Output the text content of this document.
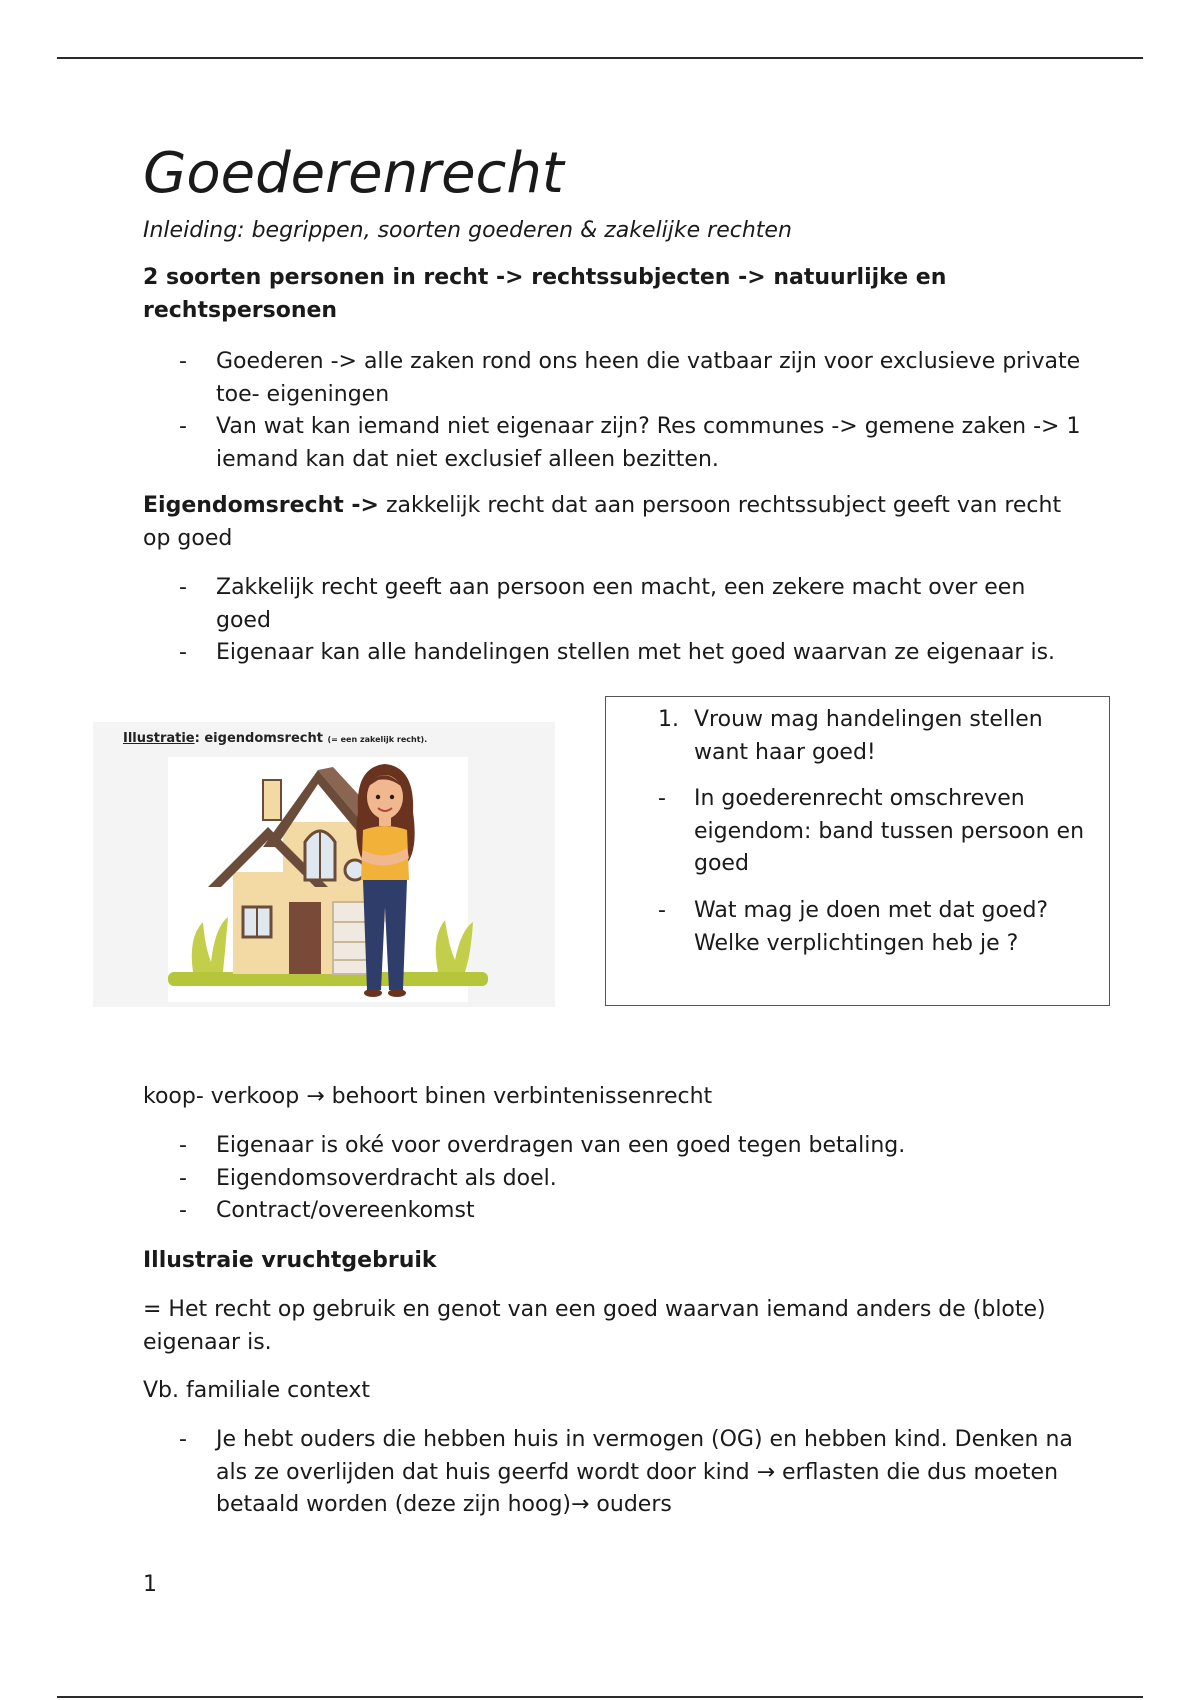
Goederenrecht
Inleiding: begrippen, soorten goederen & zakelijke rechten

2 soorten personen in recht -> rechtssubjecten -> natuurlijke en rechtspersonen

- Goederen -> alle zaken rond ons heen die vatbaar zijn voor exclusieve private toe- eigeningen
- Van wat kan iemand niet eigenaar zijn? Res communes -> gemene zaken -> 1 iemand kan dat niet exclusief alleen bezitten.

Eigendomsrecht -> zakkelijk recht dat aan persoon rechtssubject geeft van recht op goed

- Zakkelijk recht geeft aan persoon een macht, een zekere macht over een goed
- Eigenaar kan alle handelingen stellen met het goed waarvan ze eigenaar is.
Illustratie: eigendomsrecht (= een zakelijk recht).
1. Vrouw mag handelingen stellen want haar goed!
- In goederenrecht omschreven eigendom: band tussen persoon en goed
- Wat mag je doen met dat goed? Welke verplichtingen heb je ?

koop- verkoop → behoort binen verbintenissenrecht

- Eigenaar is oké voor overdragen van een goed tegen betaling.
- Eigendomsoverdracht als doel.
- Contract/overeenkomst

Illustraie vruchtgebruik

= Het recht op gebruik en genot van een goed waarvan iemand anders de (blote) eigenaar is.

Vb. familiale context

- Je hebt ouders die hebben huis in vermogen (OG) en hebben kind. Denken na als ze overlijden dat huis geerfd wordt door kind → erflasten die dus moeten betaald worden (deze zijn hoog)→ ouders
1
